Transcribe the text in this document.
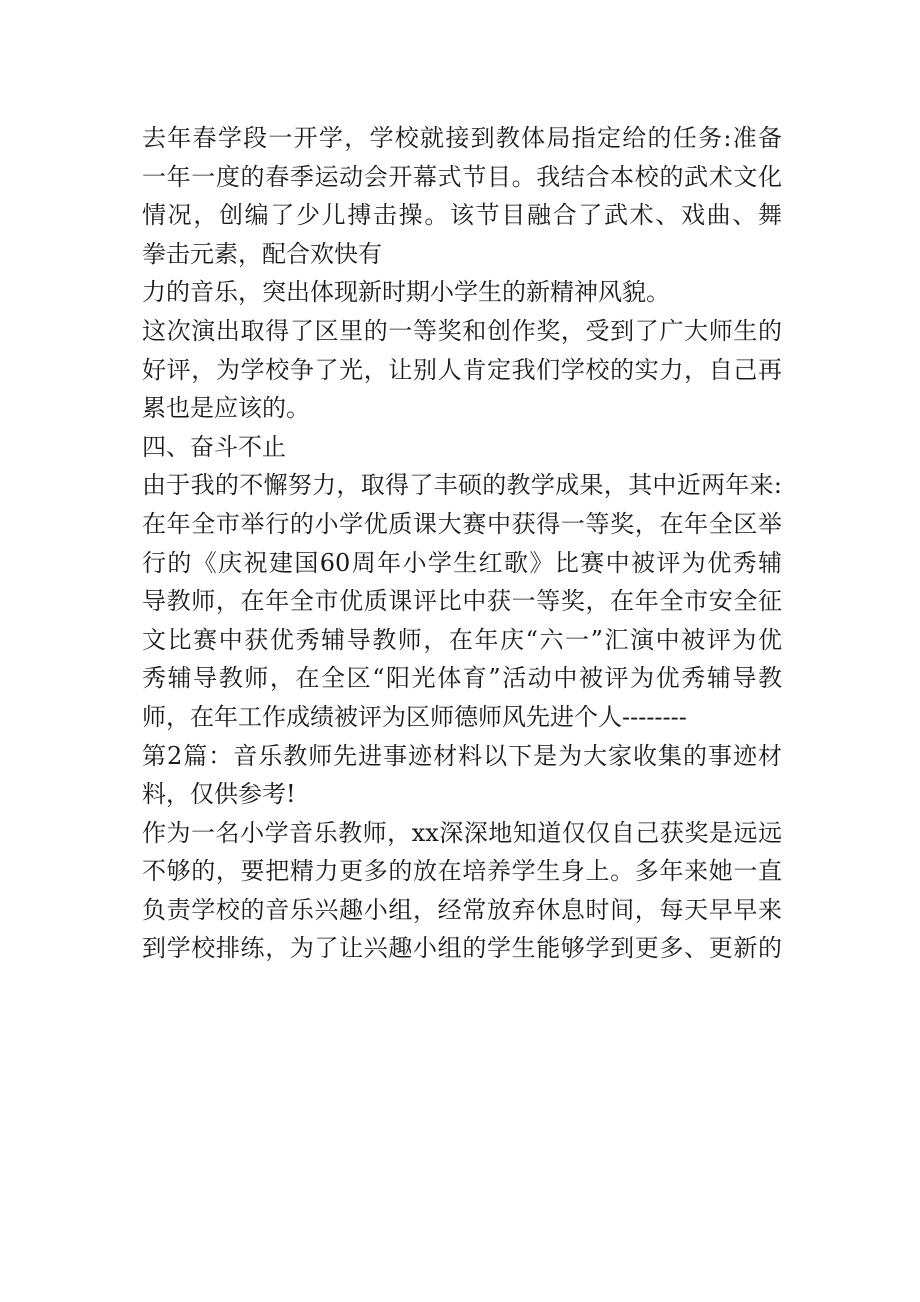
去年春学段一开学，学校就接到教体局指定给的任务:准备
一年一度的春季运动会开幕式节目。我结合本校的武术文化
情况，创编了少儿搏击操。该节目融合了武术、戏曲、舞
拳击元素，配合欢快有
力的音乐，突出体现新时期小学生的新精神风貌。
这次演出取得了区里的一等奖和创作奖，受到了广大师生的
好评，为学校争了光，让别人肯定我们学校的实力，自己再
累也是应该的。
四、奋斗不止
由于我的不懈努力，取得了丰硕的教学成果，其中近两年来:
在年全市举行的小学优质课大赛中获得一等奖，在年全区举
行的《庆祝建国60周年小学生红歌》比赛中被评为优秀辅
导教师，在年全市优质课评比中获一等奖，在年全市安全征
文比赛中获优秀辅导教师，在年庆“六一”汇演中被评为优
秀辅导教师，在全区“阳光体育”活动中被评为优秀辅导教
师，在年工作成绩被评为区师德师风先进个人--------
第2篇：音乐教师先进事迹材料以下是为大家收集的事迹材
料，仅供参考!
作为一名小学音乐教师，xx深深地知道仅仅自己获奖是远远
不够的，要把精力更多的放在培养学生身上。多年来她一直
负责学校的音乐兴趣小组，经常放弃休息时间，每天早早来
到学校排练，为了让兴趣小组的学生能够学到更多、更新的
